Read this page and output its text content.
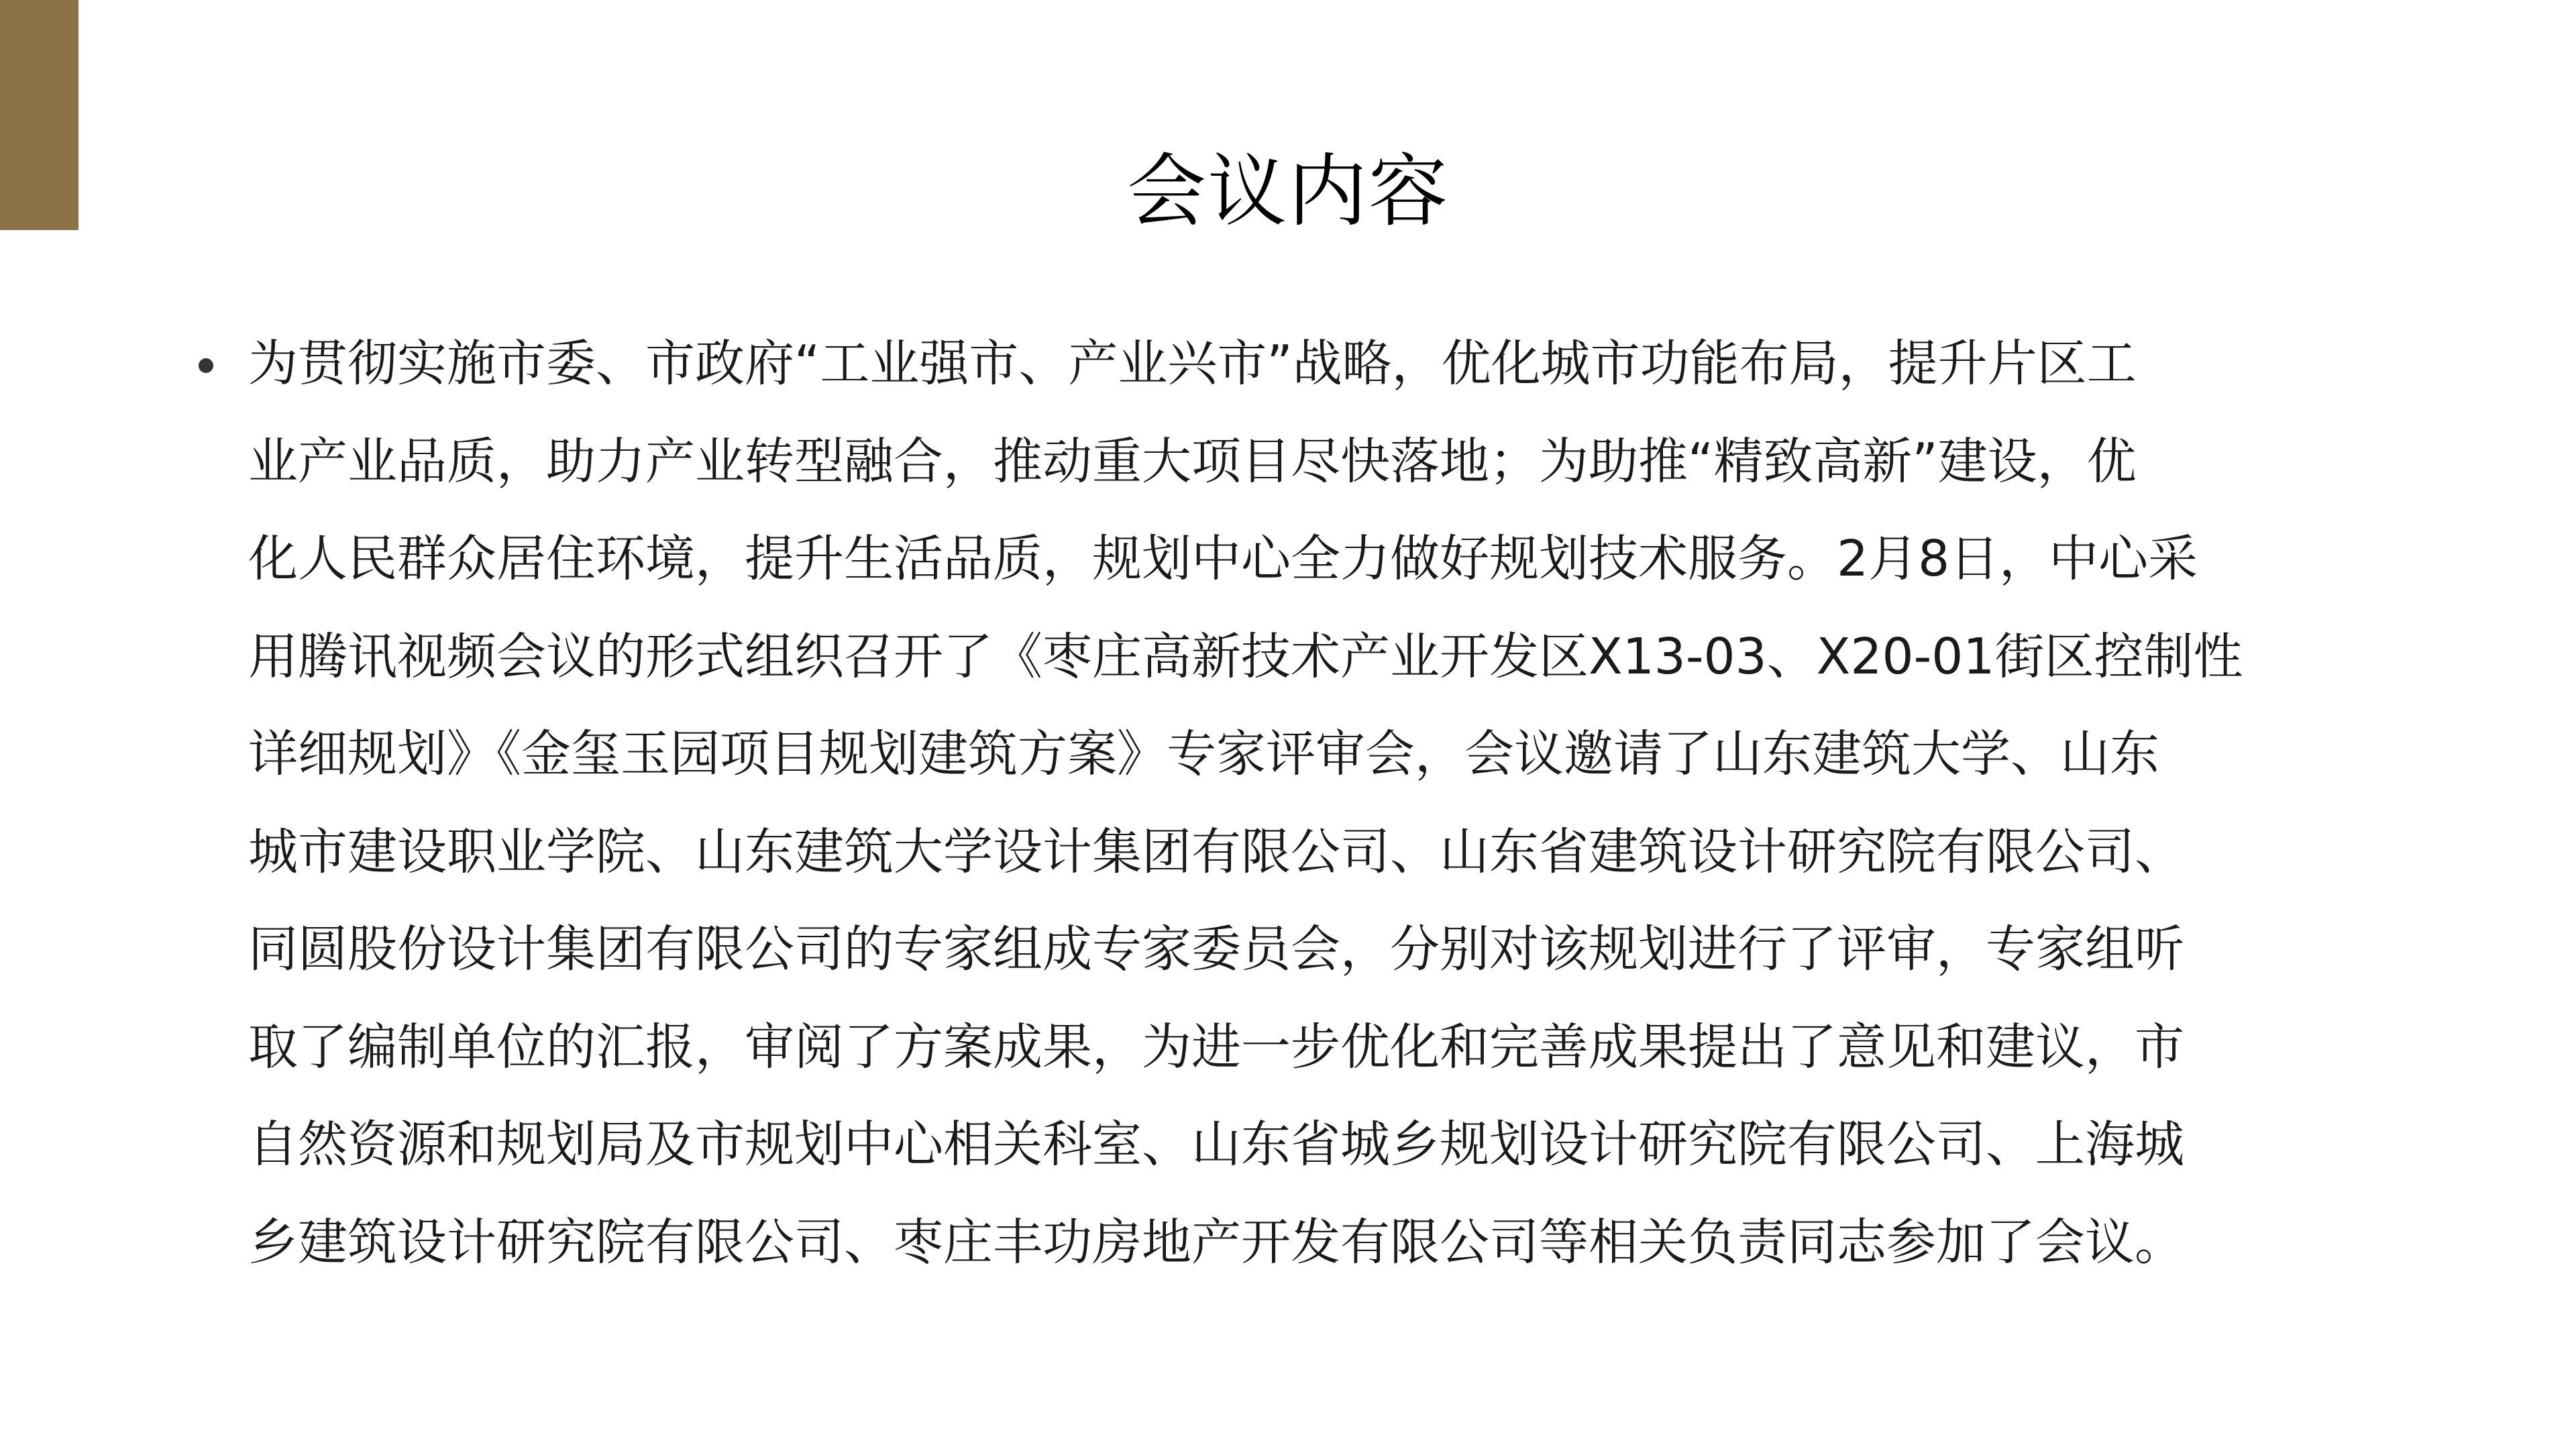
会议内容
为贯彻实施市委、市政府“工业强市、产业兴市”战略，优化城市功能布局，提升片区工
业产业品质，助力产业转型融合，推动重大项目尽快落地；为助推“精致高新”建设，优
化人民群众居住环境，提升生活品质，规划中心全力做好规划技术服务。2月8日，中心采
用腾讯视频会议的形式组织召开了《枣庄高新技术产业开发区X13-03、X20-01街区控制性
详细规划》《金玺玉园项目规划建筑方案》专家评审会，会议邀请了山东建筑大学、山东
城市建设职业学院、山东建筑大学设计集团有限公司、山东省建筑设计研究院有限公司、
同圆股份设计集团有限公司的专家组成专家委员会，分别对该规划进行了评审，专家组听
取了编制单位的汇报，审阅了方案成果，为进一步优化和完善成果提出了意见和建议，市
自然资源和规划局及市规划中心相关科室、山东省城乡规划设计研究院有限公司、上海城
乡建筑设计研究院有限公司、枣庄丰功房地产开发有限公司等相关负责同志参加了会议。
